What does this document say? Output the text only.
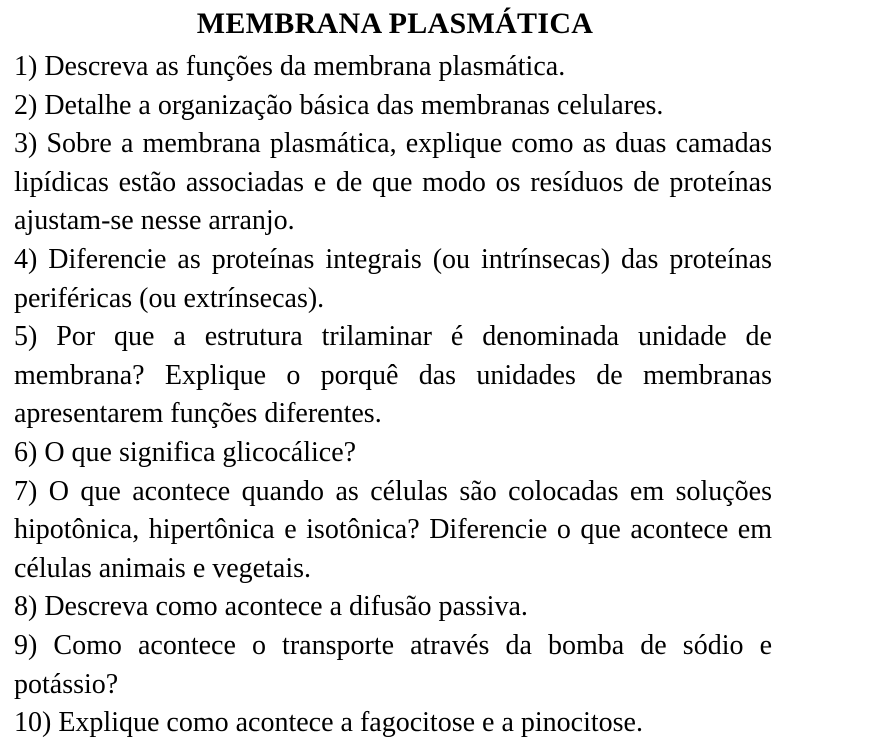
MEMBRANA PLASMÁTICA

1) Descreva as funções da membrana plasmática.

2) Detalhe a organização básica das membranas celulares.

3) Sobre a membrana plasmática, explique como as duas camadas lipídicas estão associadas e de que modo os resíduos de proteínas ajustam-se nesse arranjo.

4) Diferencie as proteínas integrais (ou intrínsecas) das proteínas periféricas (ou extrínsecas).

5) Por que a estrutura trilaminar é denominada unidade de membrana? Explique o porquê das unidades de membranas apresentarem funções diferentes.

6) O que significa glicocálice?

7) O que acontece quando as células são colocadas em soluções hipotônica, hipertônica e isotônica? Diferencie o que acontece em células animais e vegetais.

8) Descreva como acontece a difusão passiva.

9) Como acontece o transporte através da bomba de sódio e potássio?

10) Explique como acontece a fagocitose e a pinocitose.
